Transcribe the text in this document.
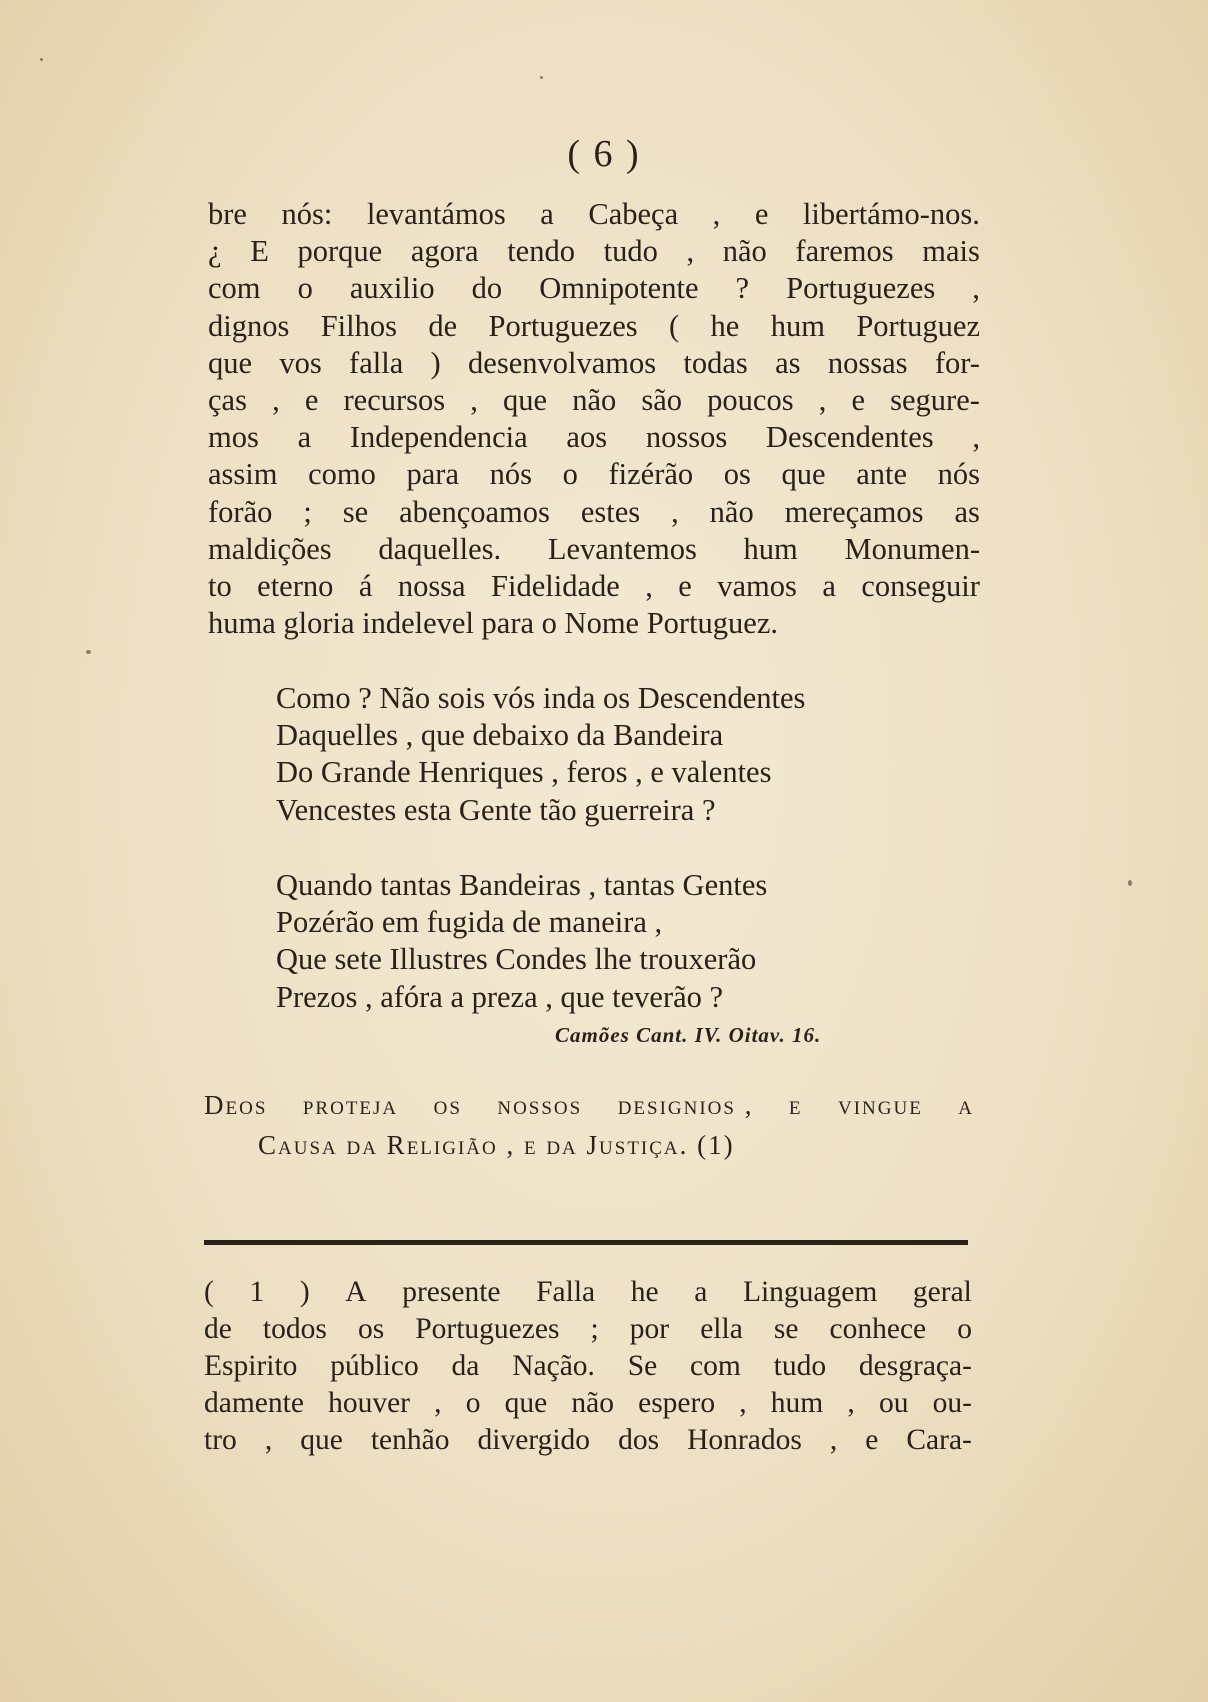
( 6 )
bre nós: levantámos a Cabeça , e libertámo-nos.
¿ E porque agora tendo tudo , não faremos mais
com o auxilio do Omnipotente ? Portuguezes ,
dignos Filhos de Portuguezes ( he hum Portuguez
que vos falla ) desenvolvamos todas as nossas for-
ças , e recursos , que não são poucos , e segure-
mos a Independencia aos nossos Descendentes ,
assim como para nós o fizérão os que ante nós
forão ; se abençoamos estes , não mereçamos as
maldições daquelles. Levantemos hum Monumen-
to eterno á nossa Fidelidade , e vamos a conseguir
huma gloria indelevel para o Nome Portuguez.
Como ? Não sois vós inda os Descendentes
Daquelles , que debaixo da Bandeira
Do Grande Henriques , feros , e valentes
Vencestes esta Gente tão guerreira ?
Quando tantas Bandeiras , tantas Gentes
Pozérão em fugida de maneira ,
Que sete Illustres Condes lhe trouxerão
Prezos , afóra a preza , que teverão ?
Camões Cant. IV. Oitav. 16.
Deos proteja os nossos designios , e vingue a
Causa da Religião , e da Justiça. (1)
( 1 ) A presente Falla he a Linguagem geral
de todos os Portuguezes ; por ella se conhece o
Espirito público da Nação. Se com tudo desgraça-
damente houver , o que não espero , hum , ou ou-
tro , que tenhão divergido dos Honrados , e Cara-
